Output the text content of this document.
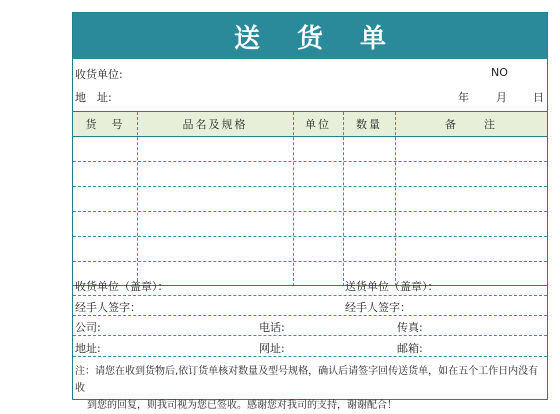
送 货 单
收货单位:	NO
地　址:	年 月 日
货　号	品名及规格	单位	数量	备　　注
收货单位（盖章）：	送货单位（盖章）：
经手人签字：	经手人签字：
公司:	电话:	传真:
地址:	网址:	邮箱:
注：请您在收到货物后,依订货单核对数量及型号规格，确认后请签字回传送货单，如在五个工作日内没有收
到您的回复，则我司视为您已签收。感谢您对我司的支持，谢谢配合！
